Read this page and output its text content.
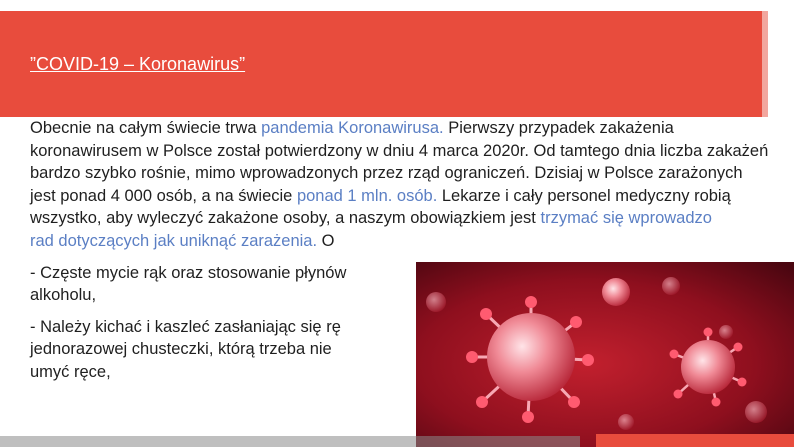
”COVID-19 – Koronawirus”

Obecnie na całym świecie trwa pandemia Koronawirusa. Pierwszy przypadek zakażenia koronawirusem w Polsce został potwierdzony w dniu 4 marca 2020r. Od tamtego dnia liczba zakażeń bardzo szybko rośnie, mimo wprowadzonych przez rząd ograniczeń. Dzisiaj w Polsce zarażonych jest ponad 4 000 osób, a na świecie ponad 1 mln. osób. Lekarze i cały personel medyczny robią wszystko, aby wyleczyć zakażone osoby, a naszym obowiązkiem jest trzymać się wprowadzo
rad dotyczących jak uniknąć zarażenia. O

- Częste mycie rąk oraz stosowanie płynów
alkoholu,

- Należy kichać i kaszleć zasłaniając się rę
jednorazowej chusteczki, którą trzeba nie
umyć ręce,
